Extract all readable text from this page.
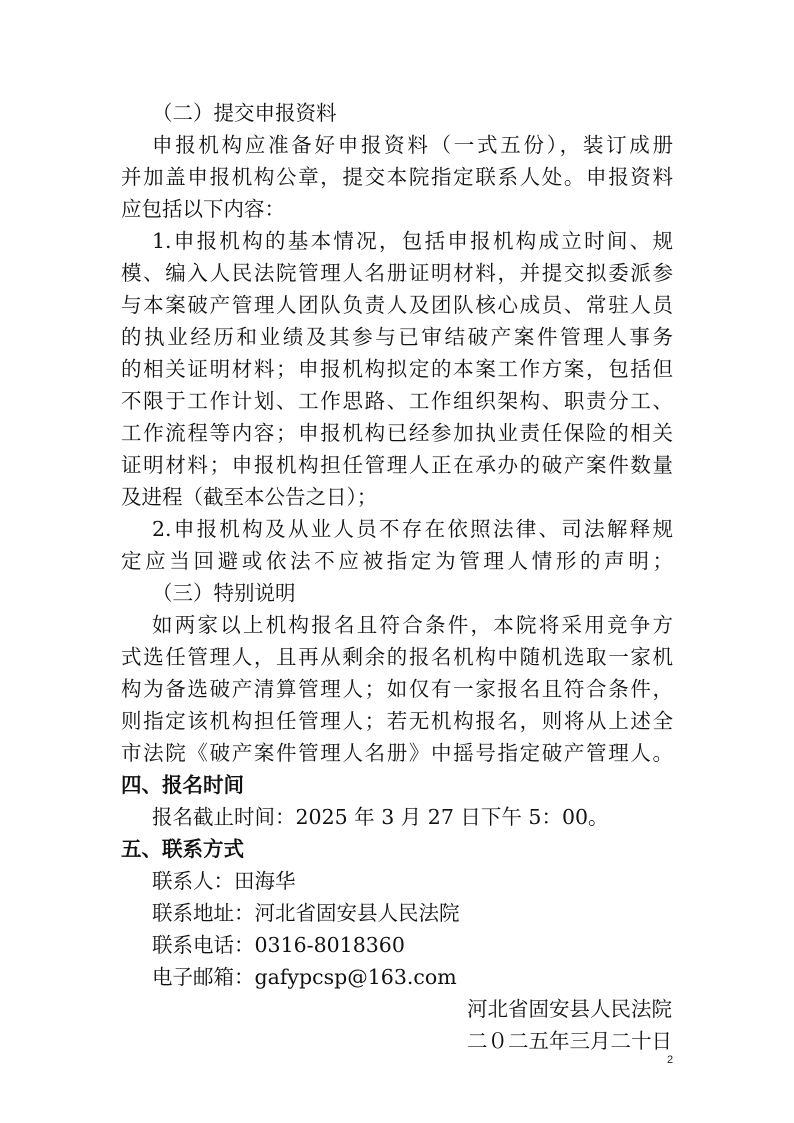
（二）提交申报资料
申报机构应准备好申报资料（一式五份），装订成册
并加盖申报机构公章，提交本院指定联系人处。申报资料
应包括以下内容：
1.申报机构的基本情况，包括申报机构成立时间、规
模、编入人民法院管理人名册证明材料，并提交拟委派参
与本案破产管理人团队负责人及团队核心成员、常驻人员
的执业经历和业绩及其参与已审结破产案件管理人事务
的相关证明材料；申报机构拟定的本案工作方案，包括但
不限于工作计划、工作思路、工作组织架构、职责分工、
工作流程等内容；申报机构已经参加执业责任保险的相关
证明材料；申报机构担任管理人正在承办的破产案件数量
及进程（截至本公告之日）；
2.申报机构及从业人员不存在依照法律、司法解释规
定应当回避或依法不应被指定为管理人情形的声明；
（三）特别说明
如两家以上机构报名且符合条件，本院将采用竞争方
式选任管理人，且再从剩余的报名机构中随机选取一家机
构为备选破产清算管理人；如仅有一家报名且符合条件，
则指定该机构担任管理人；若无机构报名，则将从上述全
市法院《破产案件管理人名册》中摇号指定破产管理人。
四、报名时间
报名截止时间：2025 年 3 月 27 日下午 5：00。
五、联系方式
联系人：田海华
联系地址：河北省固安县人民法院
联系电话：0316-8018360
电子邮箱：gafypcsp@163.com
河北省固安县人民法院
二０二五年三月二十日
2
